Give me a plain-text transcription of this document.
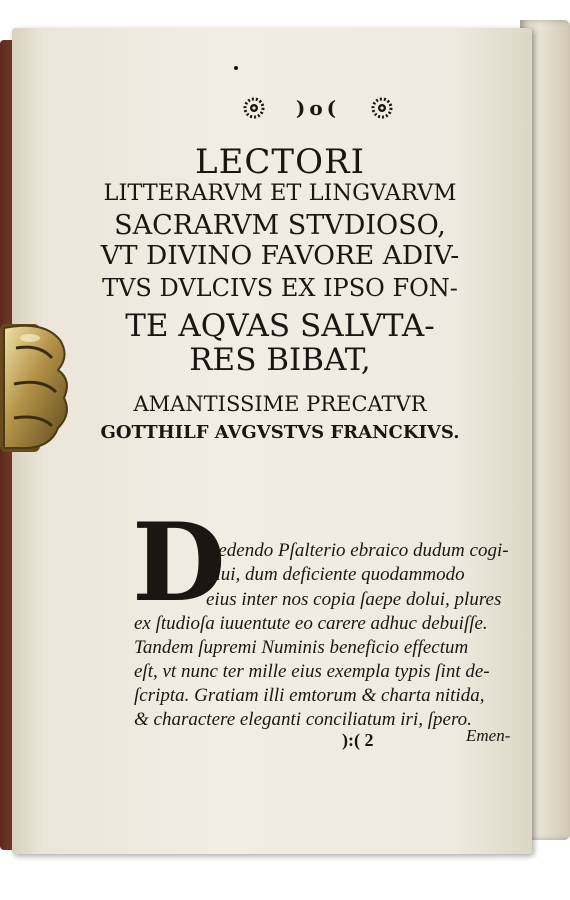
)o(
LECTORI
LITTERARVM ET LINGVARVM
SACRARVM STVDIOSO,
VT DIVINO FAVORE ADIV-
TVS DVLCIVS EX IPSO FON-
TE AQVAS SALVTA-
RES BIBAT,
AMANTISSIME PRECATVR
GOTTHILF AVGVSTVS FRANCKIVS.
D
E edendo Pſalterio ebraico dudum cogi-
taui, dum deficiente quodammodo
eius inter nos copia ſaepe dolui, plures
ex ſtudioſa iuuentute eo carere adhuc debuiſſe.
Tandem ſupremi Numinis beneficio effectum
eſt, vt nunc ter mille eius exempla typis ſint de-
ſcripta. Gratiam illi emtorum & charta nitida,
& charactere eleganti conciliatum iri, ſpero.
):( 2	Emen-
